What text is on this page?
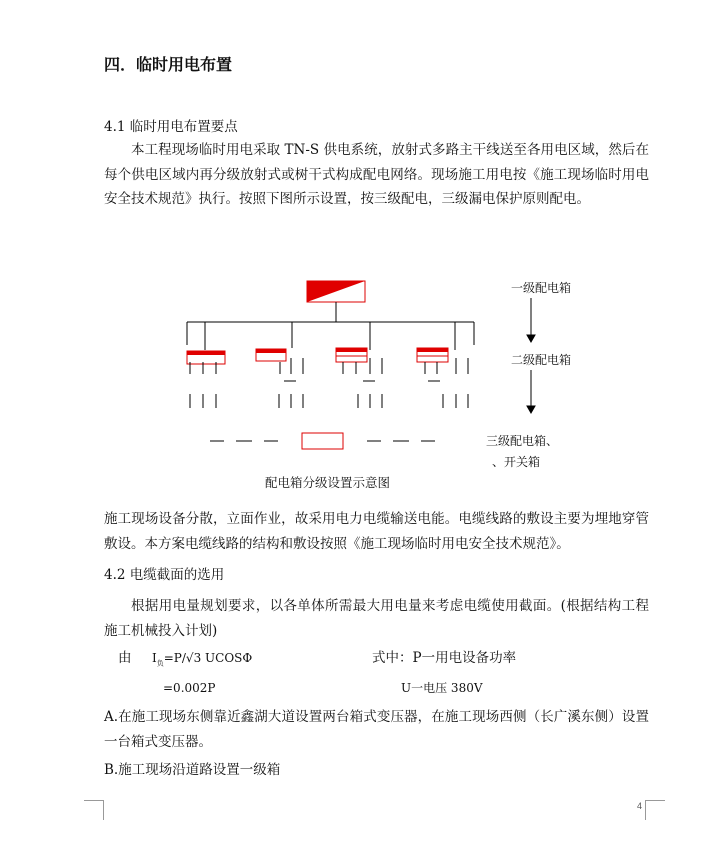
四．临时用电布置
4.1 临时用电布置要点
本工程现场临时用电采取 TN-S 供电系统，放射式多路主干线送至各用电区域，然后在每个供电区域内再分级放射式或树干式构成配电网络。现场施工用电按《施工现场临时用电安全技术规范》执行。按照下图所示设置，按三级配电，三级漏电保护原则配电。
一级配电箱
二级配电箱
三级配电箱、
、开关箱
配电箱分级设置示意图
施工现场设备分散，立面作业，故采用电力电缆输送电能。电缆线路的敷设主要为埋地穿管敷设。本方案电缆线路的结构和敷设按照《施工现场临时用电安全技术规范》。
4.2 电缆截面的选用
根据用电量规划要求，以各单体所需最大用电量来考虑电缆使用截面。(根据结构工程施工机械投入计划)
由 $I_负=P/√3$ UCOSΦ	式中：P一用电设备功率
=0.002P	U一电压 380V
A.在施工现场东侧靠近鑫湖大道设置两台箱式变压器，在施工现场西侧（长广溪东侧）设置一台箱式变压器。
B.施工现场沿道路设置一级箱
4
